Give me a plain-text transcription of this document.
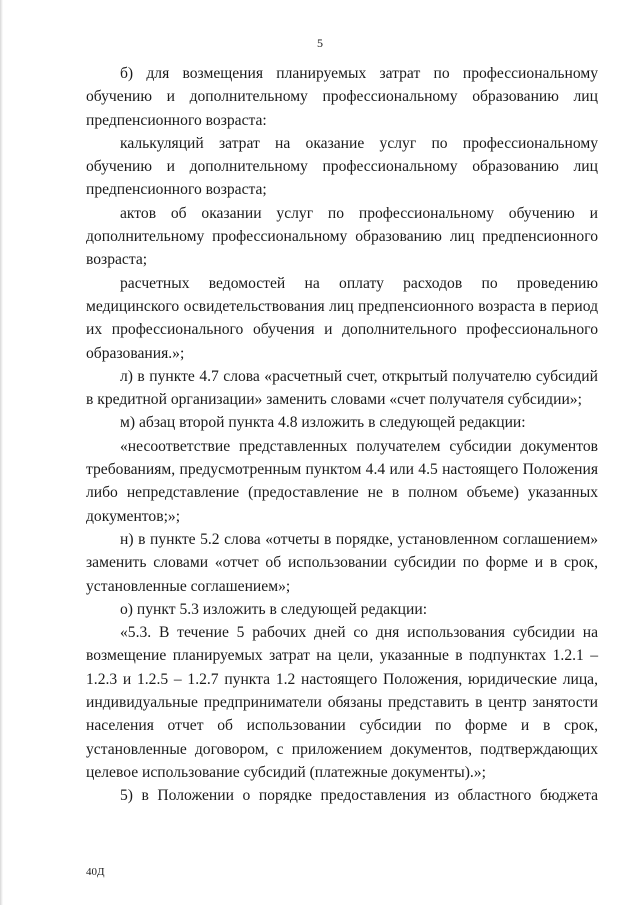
5

б) для возмещения планируемых затрат по профессиональному обучению и дополнительному профессиональному образованию лиц предпенсионного возраста:

калькуляций затрат на оказание услуг по профессиональному обучению и дополнительному профессиональному образованию лиц предпенсионного возраста;

актов об оказании услуг по профессиональному обучению и дополнительному профессиональному образованию лиц предпенсионного возраста;

расчетных ведомостей на оплату расходов по проведению медицинского освидетельствования лиц предпенсионного возраста в период их профессионального обучения и дополнительного профессионального образования.»;

л) в пункте 4.7 слова «расчетный счет, открытый получателю субсидий в кредитной организации» заменить словами «счет получателя субсидии»;

м) абзац второй пункта 4.8 изложить в следующей редакции:

«несоответствие представленных получателем субсидии документов требованиям, предусмотренным пунктом 4.4 или 4.5 настоящего Положения либо непредставление (предоставление не в полном объеме) указанных документов;»;

н) в пункте 5.2 слова «отчеты в порядке, установленном соглашением» заменить словами «отчет об использовании субсидии по форме и в срок, установленные соглашением»;

о) пункт 5.3 изложить в следующей редакции:

«5.3. В течение 5 рабочих дней со дня использования субсидии на возмещение планируемых затрат на цели, указанные в подпунктах 1.2.1 – 1.2.3 и 1.2.5 – 1.2.7 пункта 1.2 настоящего Положения, юридические лица, индивидуальные предприниматели обязаны представить в центр занятости населения отчет об использовании субсидии по форме и в срок, установленные договором, с приложением документов, подтверждающих целевое использование субсидий (платежные документы).»;

5) в Положении о порядке предоставления из областного бюджета

40Д
